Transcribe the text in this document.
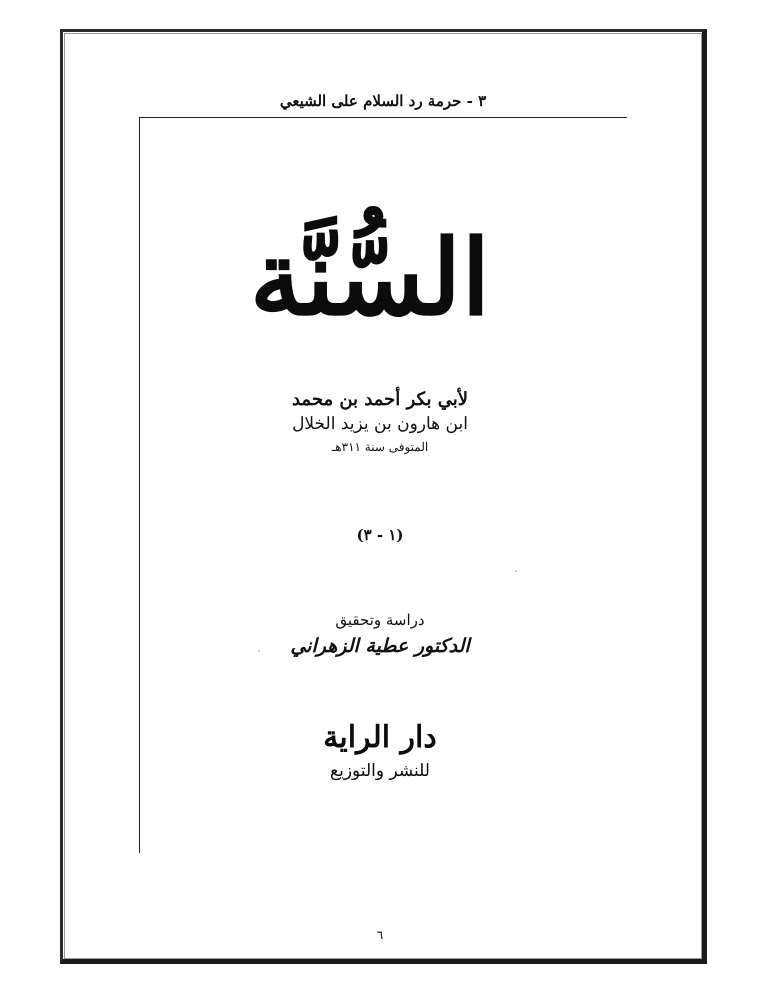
٣ - حرمة رد السلام على الشيعي
السُّنَّة
لأبي بكر أحمد بن محمد
ابن هارون بن يزيد الخلال
المتوفى سنة ٣١١هـ
(١ - ٣)
دراسة وتحقيق
الدكتور عطية الزهراني
دار الراية
للنشر والتوزيع
٦
